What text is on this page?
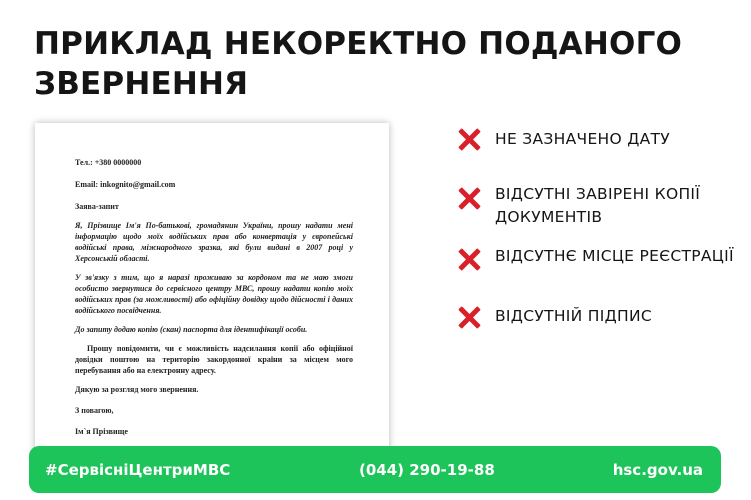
ПРИКЛАД НЕКОРЕКТНО ПОДАНОГО
ЗВЕРНЕННЯ
Тел.: +380 0000000
Email: inkognito@gmail.com
Заява-запит
Я, Прізвище Ім'я По-батькові, громадянин України, прошу надати мені інформацію щодо моїх водійських прав або конвертація у європейські водійські права, міжнародного зразка, які були видані в 2007 році у Херсонській області.
У зв'язку з тим, що я наразі проживаю за кордоном та не маю змоги особисто звернутися до сервісного центру МВС, прошу надати копію моїх водійських прав (за можливості) або офіційну довідку щодо дійсності і даних водійського посвідчення.
До запиту додаю копію (скан) паспорта для ідентифікації особи.
Прошу повідомити, чи є можливість надсилання копії або офіційної довідки поштою на територію закордонної країни за місцем мого перебування або на електронну адресу.
Дякую за розгляд мого звернення.
З повагою,
Ім`я Прізвище
НЕ ЗАЗНАЧЕНО ДАТУ
ВІДСУТНІ ЗАВІРЕНІ КОПІЇ ДОКУМЕНТІВ
ВІДСУТНЄ МІСЦЕ РЕЄСТРАЦІЇ
ВІДСУТНІЙ ПІДПИС
#СервісніЦентриМВС	(044) 290-19-88	hsc.gov.ua
